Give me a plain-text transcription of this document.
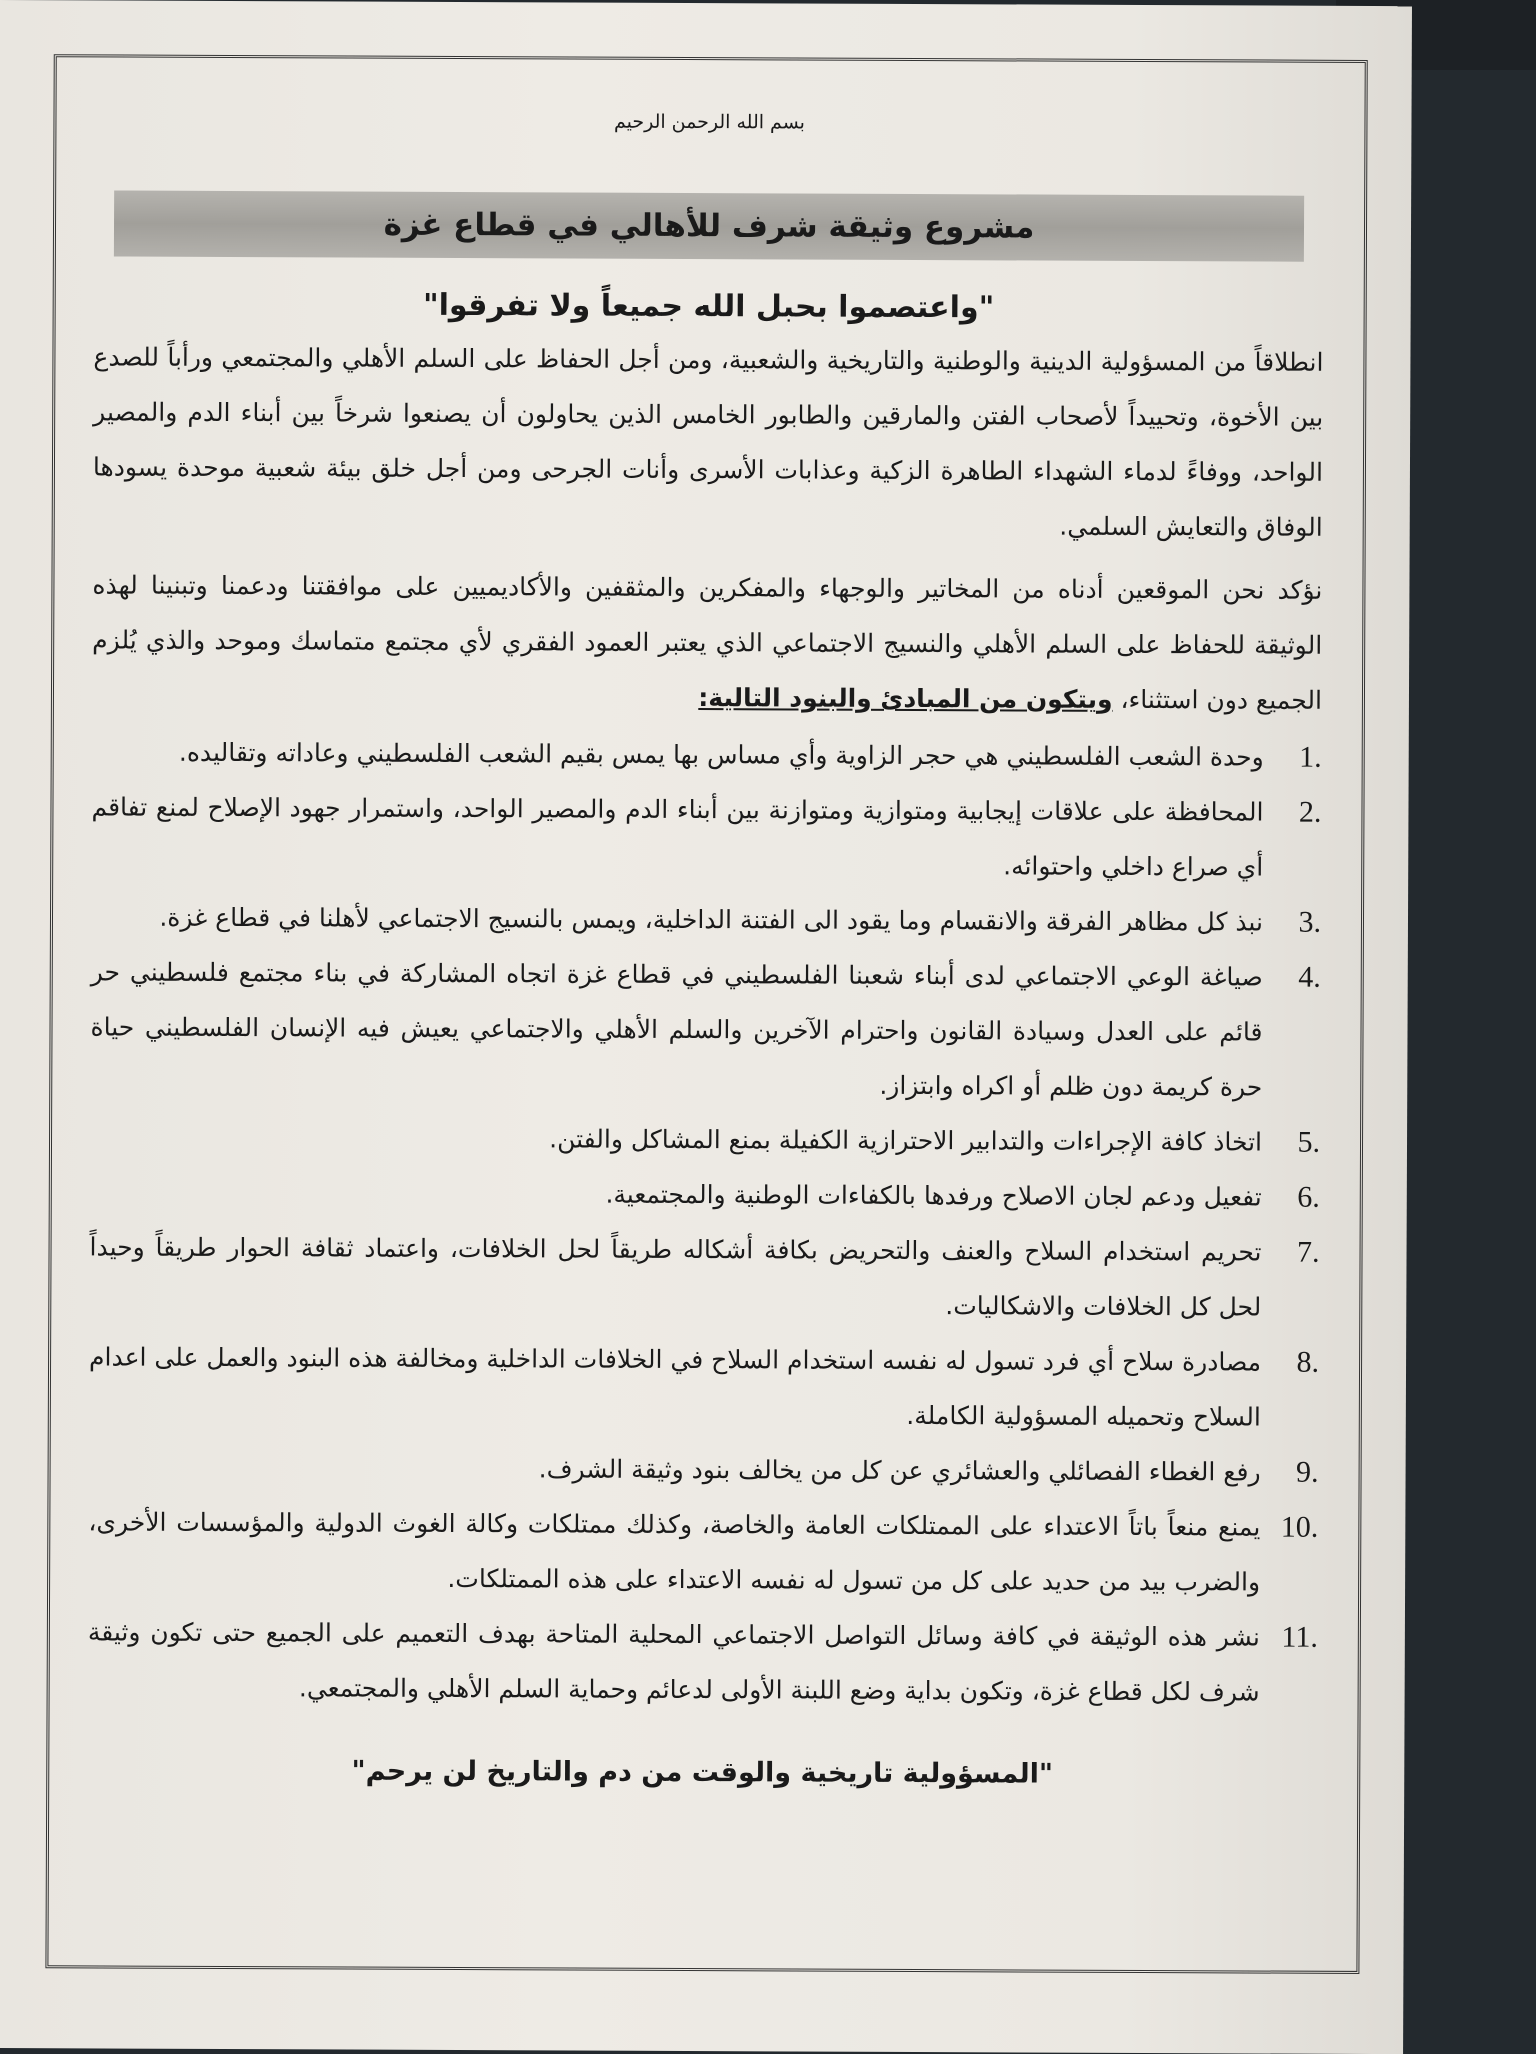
بسم الله الرحمن الرحيم
مشروع وثيقة شرف للأهالي في قطاع غزة
"واعتصموا بحبل الله جميعاً ولا تفرقوا"

انطلاقاً من المسؤولية الدينية والوطنية والتاريخية والشعبية، ومن أجل الحفاظ على السلم الأهلي والمجتمعي ورأباً للصدع بين الأخوة، وتحييداً لأصحاب الفتن والمارقين والطابور الخامس الذين يحاولون أن يصنعوا شرخاً بين أبناء الدم والمصير الواحد، ووفاءً لدماء الشهداء الطاهرة الزكية وعذابات الأسرى وأنات الجرحى ومن أجل خلق بيئة شعبية موحدة يسودها الوفاق والتعايش السلمي.

نؤكد نحن الموقعين أدناه من المخاتير والوجهاء والمفكرين والمثقفين والأكاديميين على موافقتنا ودعمنا وتبنينا لهذه الوثيقة للحفاظ على السلم الأهلي والنسيج الاجتماعي الذي يعتبر العمود الفقري لأي مجتمع متماسك وموحد والذي يُلزم الجميع دون استثناء، ويتكون من المبادئ والبنود التالية:

1.
وحدة الشعب الفلسطيني هي حجر الزاوية وأي مساس بها يمس بقيم الشعب الفلسطيني وعاداته وتقاليده.
2.
المحافظة على علاقات إيجابية ومتوازية ومتوازنة بين أبناء الدم والمصير الواحد، واستمرار جهود الإصلاح لمنع تفاقم أي صراع داخلي واحتوائه.
3.
نبذ كل مظاهر الفرقة والانقسام وما يقود الى الفتنة الداخلية، ويمس بالنسيج الاجتماعي لأهلنا في قطاع غزة.
4.
صياغة الوعي الاجتماعي لدى أبناء شعبنا الفلسطيني في قطاع غزة اتجاه المشاركة في بناء مجتمع فلسطيني حر قائم على العدل وسيادة القانون واحترام الآخرين والسلم الأهلي والاجتماعي يعيش فيه الإنسان الفلسطيني حياة حرة كريمة دون ظلم أو اكراه وابتزاز.
5.
اتخاذ كافة الإجراءات والتدابير الاحترازية الكفيلة بمنع المشاكل والفتن.
6.
تفعيل ودعم لجان الاصلاح ورفدها بالكفاءات الوطنية والمجتمعية.
7.
تحريم استخدام السلاح والعنف والتحريض بكافة أشكاله طريقاً لحل الخلافات، واعتماد ثقافة الحوار طريقاً وحيداً لحل كل الخلافات والاشكاليات.
8.
مصادرة سلاح أي فرد تسول له نفسه استخدام السلاح في الخلافات الداخلية ومخالفة هذه البنود والعمل على اعدام السلاح وتحميله المسؤولية الكاملة.
9.
رفع الغطاء الفصائلي والعشائري عن كل من يخالف بنود وثيقة الشرف.
10.
يمنع منعاً باتاً الاعتداء على الممتلكات العامة والخاصة، وكذلك ممتلكات وكالة الغوث الدولية والمؤسسات الأخرى، والضرب بيد من حديد على كل من تسول له نفسه الاعتداء على هذه الممتلكات.
11.
نشر هذه الوثيقة في كافة وسائل التواصل الاجتماعي المحلية المتاحة بهدف التعميم على الجميع حتى تكون وثيقة شرف لكل قطاع غزة، وتكون بداية وضع اللبنة الأولى لدعائم وحماية السلم الأهلي والمجتمعي.
"المسؤولية تاريخية والوقت من دم والتاريخ لن يرحم"
